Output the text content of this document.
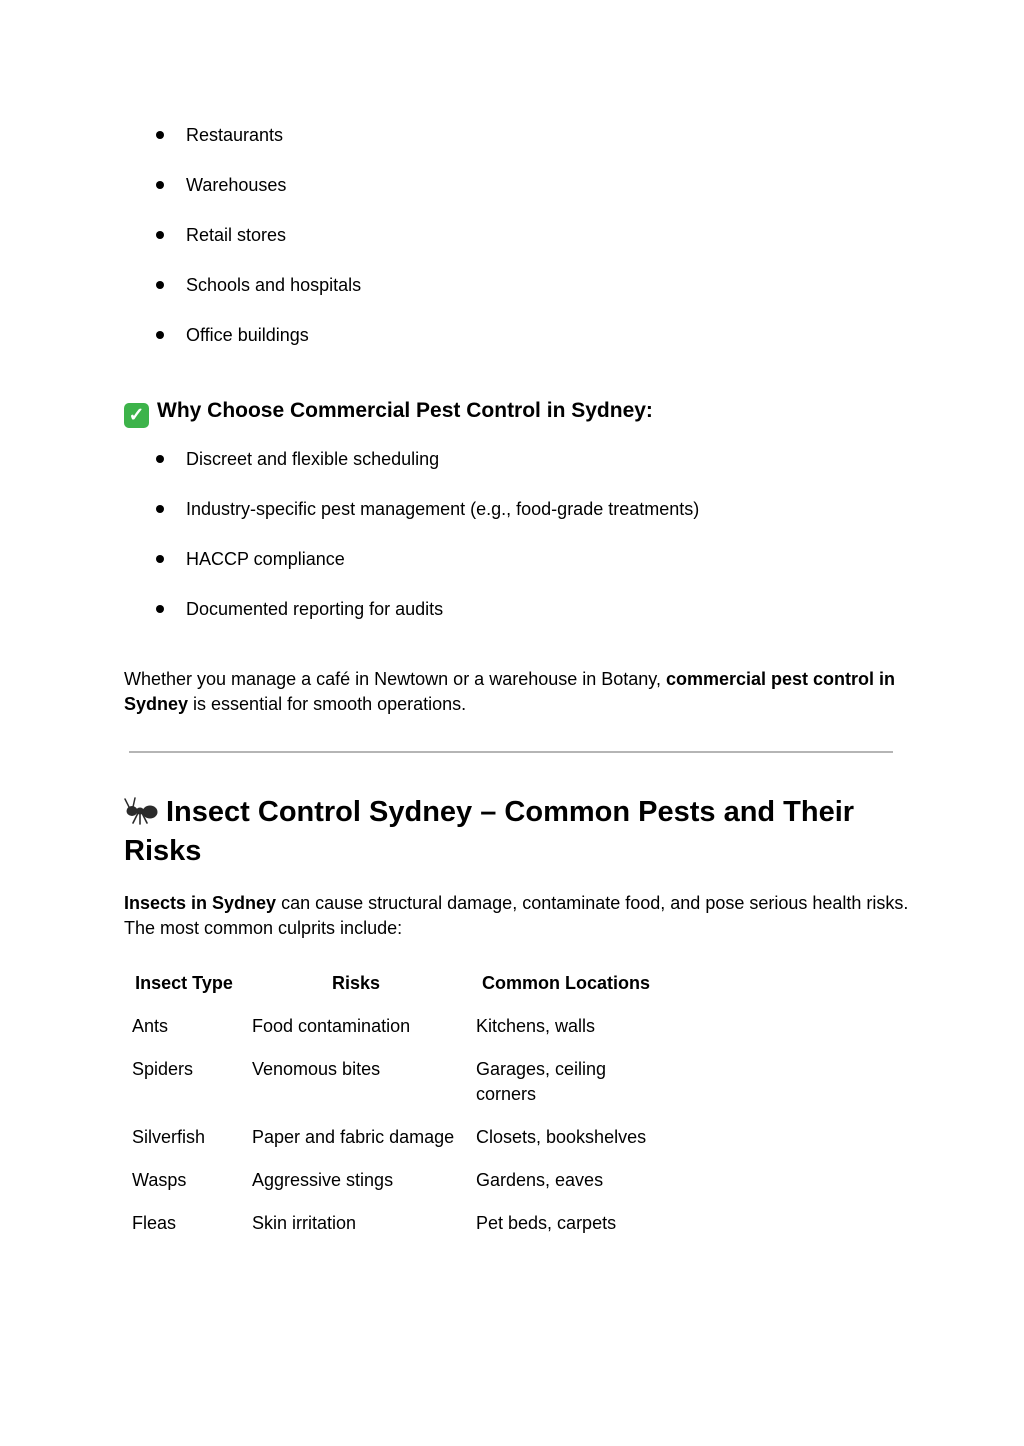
Restaurants
Warehouses
Retail stores
Schools and hospitals
Office buildings
✓ Why Choose Commercial Pest Control in Sydney:
Discreet and flexible scheduling
Industry-specific pest management (e.g., food-grade treatments)
HACCP compliance
Documented reporting for audits

Whether you manage a café in Newtown or a warehouse in Botany, commercial pest control in Sydney is essential for smooth operations.

Insect Control Sydney – Common Pests and Their Risks

Insects in Sydney can cause structural damage, contaminate food, and pose serious health risks. The most common culprits include:

Insect Type	Risks	Common Locations
Ants	Food contamination	Kitchens, walls
Spiders	Venomous bites	Garages, ceiling corners
Silverfish	Paper and fabric damage	Closets, bookshelves
Wasps	Aggressive stings	Gardens, eaves
Fleas	Skin irritation	Pet beds, carpets
